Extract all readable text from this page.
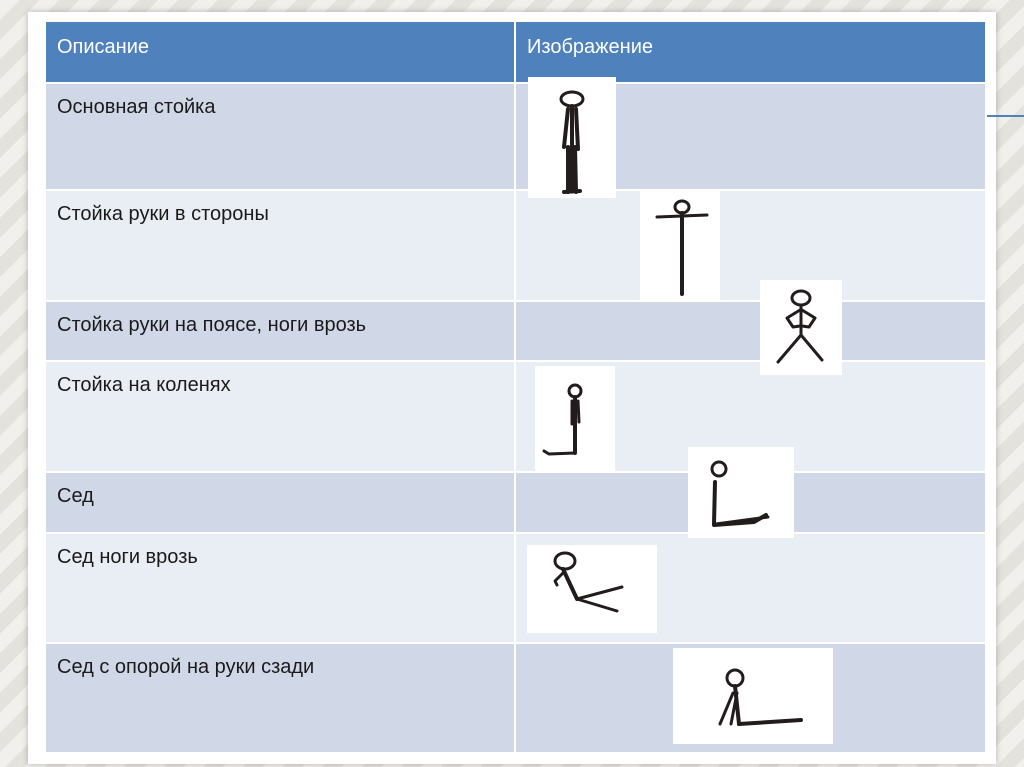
Описание	Изображение
Основная стойка	
Стойка руки в стороны	
Стойка руки на поясе, ноги врозь	
Стойка на коленях	
Сед	
Сед ноги врозь	
Сед с опорой на руки сзади	
